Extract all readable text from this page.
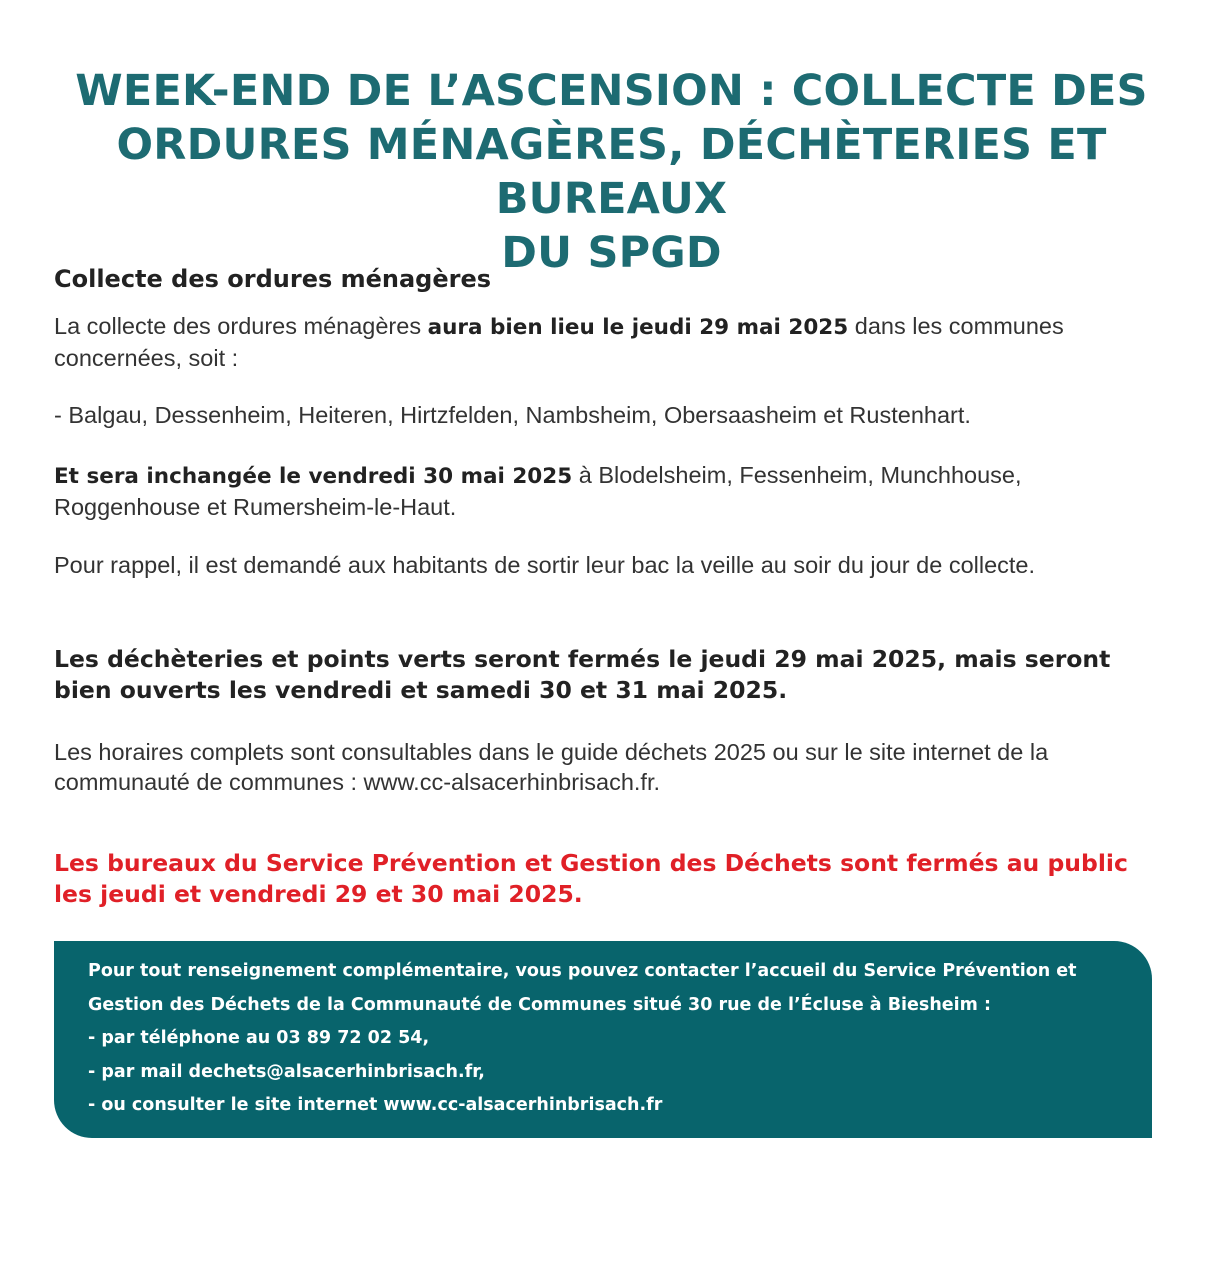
WEEK-END DE L’ASCENSION : COLLECTE DES
ORDURES MÉNAGÈRES, DÉCHÈTERIES ET BUREAUX
DU SPGD
Collecte des ordures ménagères

La collecte des ordures ménagères aura bien lieu le jeudi 29 mai 2025 dans les communes concernées, soit :

- Balgau, Dessenheim, Heiteren, Hirtzfelden, Nambsheim, Obersaasheim et Rustenhart.

Et sera inchangée le vendredi 30 mai 2025 à Blodelsheim, Fessenheim, Munchhouse, Roggenhouse et Rumersheim-le-Haut.

Pour rappel, il est demandé aux habitants de sortir leur bac la veille au soir du jour de collecte.

Les déchèteries et points verts seront fermés le jeudi 29 mai 2025, mais seront bien ouverts les vendredi et samedi 30 et 31 mai 2025.

Les horaires complets sont consultables dans le guide déchets 2025 ou sur le site internet de la communauté de communes : www.cc-alsacerhinbrisach.fr.

Les bureaux du Service Prévention et Gestion des Déchets sont fermés au public les jeudi et vendredi 29 et 30 mai 2025.

Pour tout renseignement complémentaire, vous pouvez contacter l’accueil du Service Prévention et
Gestion des Déchets de la Communauté de Communes situé 30 rue de l’Écluse à Biesheim :
- par téléphone au 03 89 72 02 54,
- par mail dechets@alsacerhinbrisach.fr,
- ou consulter le site internet www.cc-alsacerhinbrisach.fr
